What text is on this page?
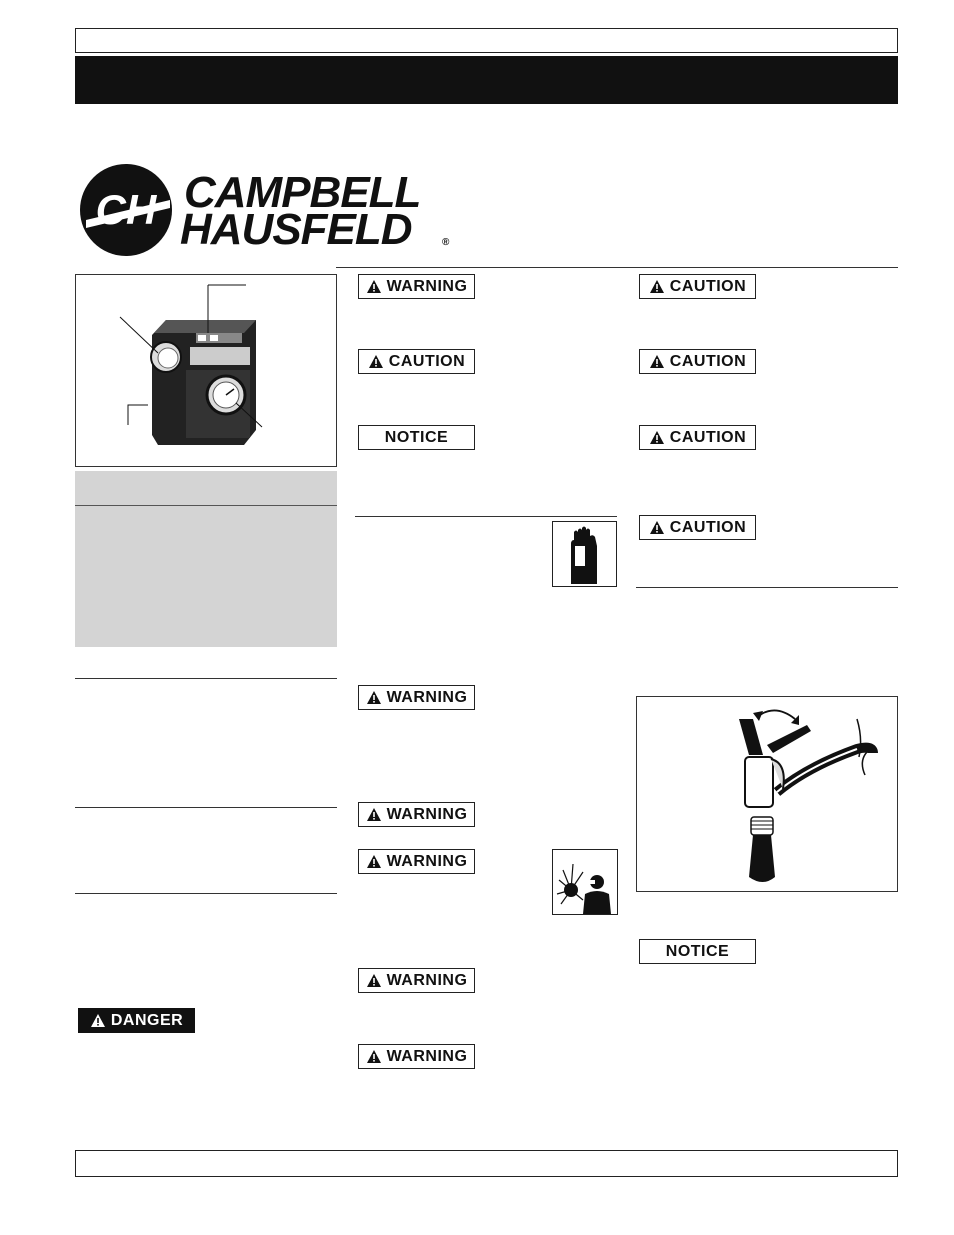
CH CAMPBELL
HAUSFELD	®
DANGER
WARNING
CAUTION
NOTICE
WARNING
WARNING
WARNING
WARNING
WARNING
CAUTION
CAUTION
CAUTION
CAUTION
NOTICE
